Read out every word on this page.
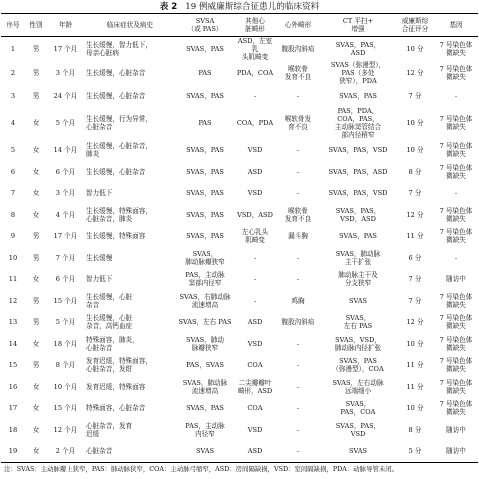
表 2 19 例威廉斯综合征患儿的临床资料
序号	性别	年龄	临床症状及病史	SVSA
（或 PAS）	其他心
脏畸形	心外畸形	CT 平扫+
增强	威廉斯综
合征评分	基因
1	男	17 个月	生长缓慢，智力低下，
母亲心脏病	SVAS，PAS	ASD，左室乳
头肌畸变	腹股沟斜疝	SVAS，PAS，
ASD	10 分	7 号染色体
微缺失
2	男	3 个月	生长缓慢，心脏杂音	PAS	PDA，COA	喉软骨
发育不良	SVAS（弥漫型），
PAS（多处
狭窄），PDA	12 分	7 号染色体
微缺失
3	男	24 个月	生长缓慢，心脏杂音	SVAS，PAS	-	-	SVAS，PAS	7 分	-
4	女	5 个月	生长缓慢，行为异常，
心脏杂音	PAS	COA，PDA	喉软骨发
育不良	PAS，PDA，
COA，PAS，
主动脉窦管结合
部内径稍窄	10 分	7 号染色体
微缺失
5	女	14 个月	生长缓慢，心脏杂音，
肺炎	SVAS，PAS	VSD	-	SVAS，PAS，VSD	10 分	7 号染色体
微缺失
6	女	6 个月	生长缓慢，心脏杂音	SVAS，PAS	ASD	-	SVAS，PAS，ASD	8 分	7 号染色体
微缺失
7	女	3 个月	智力低下	SVAS，PAS	VSD	-	SVAS，PAS，VSD	7 分	-
8	女	4 个月	生长缓慢，特殊面容，
心脏杂音，肺炎	SVAS，PAS	VSD，ASD	喉软骨
发育不良	SVAS，PAS，
VSD，ASD	12 分	7 号染色体
微缺失
9	男	17 个月	生长缓慢，特殊面容	SVAS，PAS	左心乳头
肌畸变	漏斗胸	SVAS，PAS	11 分	7 号染色体
微缺失
10	男	7 个月	生长缓慢	SVAS，
肺动脉瓣狭窄	-	-	SVAS，肺动脉
主干扩张	6 分	-
11	女	6 个月	智力低下	PAS，主动脉
窦部内径窄	-	-	肺动脉主干及
分支狭窄	7 分	随访中
12	男	15 个月	生长缓慢，心脏
杂音	SVAS，右肺动脉
流速增高	-	鸡胸	SVAS	7 分	7 号染色体
微缺失
13	男	5 个月	生长缓慢，心脏
杂音，高钙血症	SVAS，左右 PAS	ASD	腹股沟斜疝	SVAS，
左右 PAS	12 分	7 号染色体
微缺失
14	女	18 个月	特殊面容，肺炎，
心脏杂音	SVAS，肺动
脉瓣狭窄	VSD	-	SVAS，VSD，
肺动脉内径扩张	10 分	7 号染色体
微缺失
15	男	8 个月	发育迟缓，特殊面容，
心脏杂音，发绀	PAS，SVAS	COA	-	SVAS，PAS
（弥漫型），COA	11 分	7 号染色体
微缺失
16	女	10 个月	发育迟缓，特殊面容	SVAS，肺动脉
流速增高	二尖瓣瓣叶
畸形，ASD	-	SVAS，左右动脉
远端细小	11 分	7 号染色体
微缺失
17	女	15 个月	特殊面容，心脏杂音	SVAS，PAS	COA	-	SVAS，
PAS，COA	10 分	7 号染色体
微缺失
18	女	12 个月	心脏杂音，发育
迟缓	PAS，主动脉
内径窄	VSD	-	SVAS，PAS，
VSD	8 分	随访中
19	女	2 个月	心脏杂音	SVAS	ASD	-	SVAS	5 分	随访中
注：SVAS：主动脉瓣上狭窄，PAS：肺动脉狭窄，COA：主动脉弓缩窄，ASD：房间隔缺损，VSD：室间隔缺损，PDA：动脉导管未闭。
